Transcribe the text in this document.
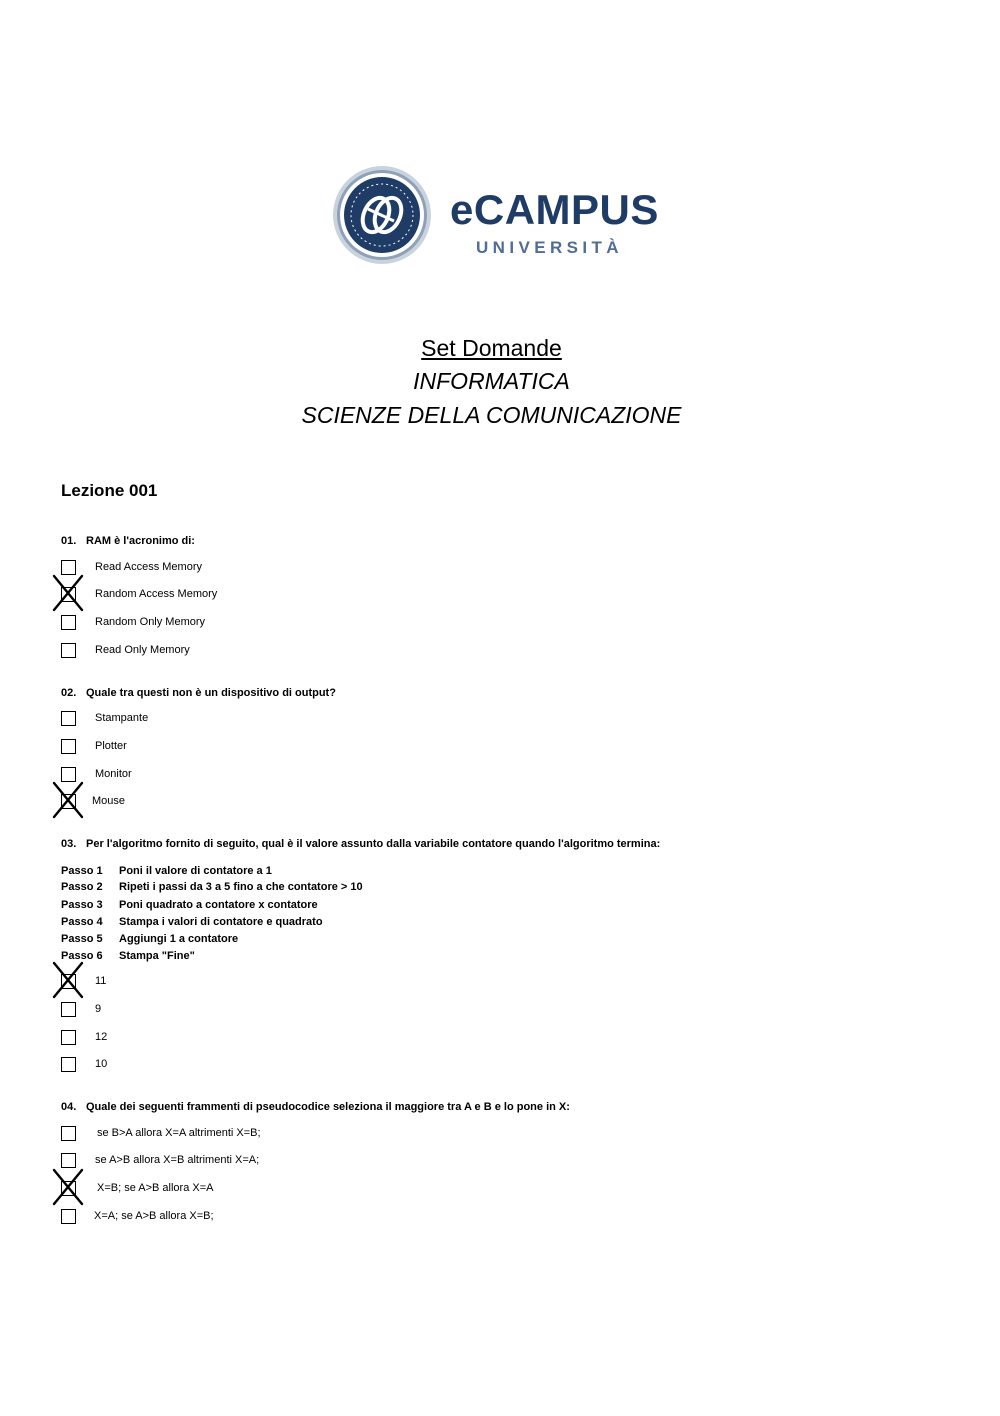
eCAMPUS
UNIVERSITÀ
Set Domande
INFORMATICA
SCIENZE DELLA COMUNICAZIONE
Lezione 001
01. RAM è l'acronimo di:
Read Access Memory
Random Access Memory
Random Only Memory
Read Only Memory
02. Quale tra questi non è un dispositivo di output?
Stampante
Plotter
Monitor
Mouse
03. Per l'algoritmo fornito di seguito, qual è il valore assunto dalla variabile contatore quando l'algoritmo termina:
Passo 1 Poni il valore di contatore a 1
Passo 2 Ripeti i passi da 3 a 5 fino a che contatore > 10
Passo 3 Poni quadrato a contatore x contatore
Passo 4 Stampa i valori di contatore e quadrato
Passo 5 Aggiungi 1 a contatore
Passo 6 Stampa "Fine"
11
9
12
10
04. Quale dei seguenti frammenti di pseudocodice seleziona il maggiore tra A e B e lo pone in X:
se B>A allora X=A altrimenti X=B;
se A>B allora X=B altrimenti X=A;
X=B; se A>B allora X=A
X=A; se A>B allora X=B;
